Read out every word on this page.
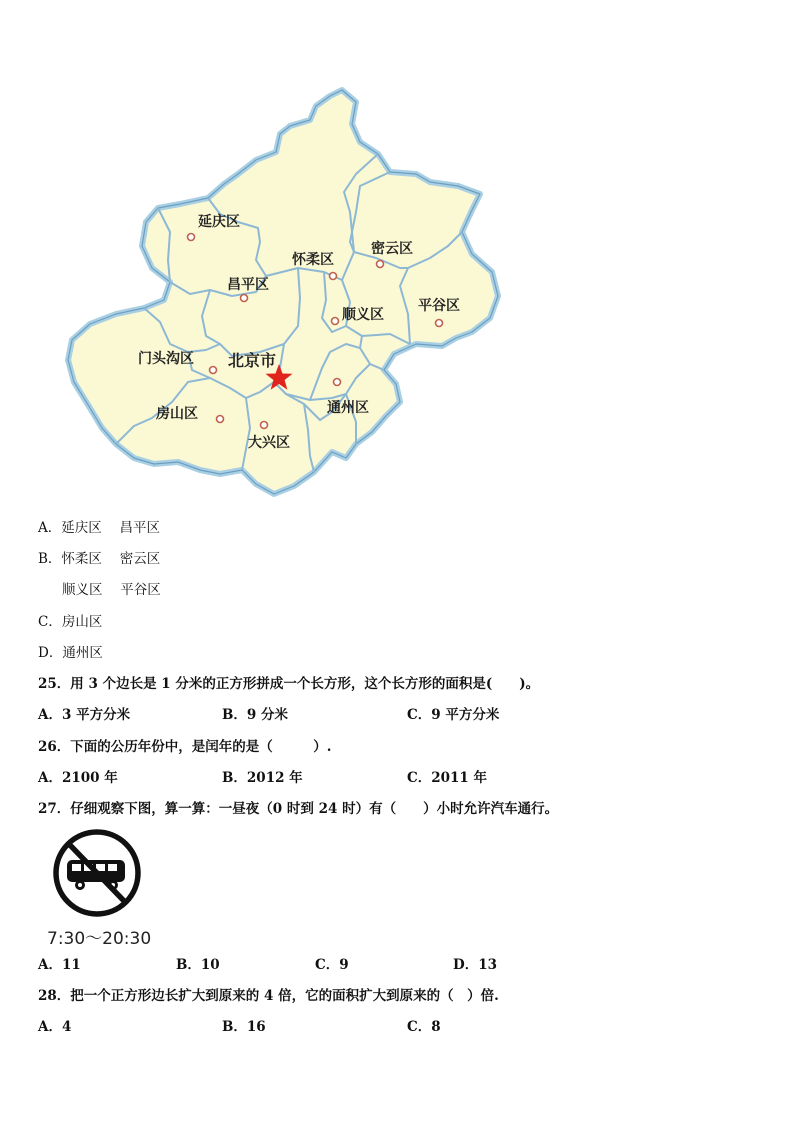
延庆区
怀柔区
密云区
昌平区
顺义区
平谷区
门头沟区 北京市
房山区	通州区
大兴区
A．延庆区　 昌平区
B．怀柔区　 密云区
顺义区　 平谷区
C．房山区
D．通州区
25．用 3 个边长是 1 分米的正方形拼成一个长方形，这个长方形的面积是(　　)。
A．3 平方分米	B．9 分米	C．9 平方分米
26．下面的公历年份中，是闰年的是（　　　）.
A．2100 年	B．2012 年	C．2011 年
27．仔细观察下图，算一算：一昼夜（0 时到 24 时）有（　　）小时允许汽车通行。
7:30～20:30
A．11	B．10	C．9	D．13
28．把一个正方形边长扩大到原来的 4 倍，它的面积扩大到原来的（　）倍.
A．4	B．16	C．8
